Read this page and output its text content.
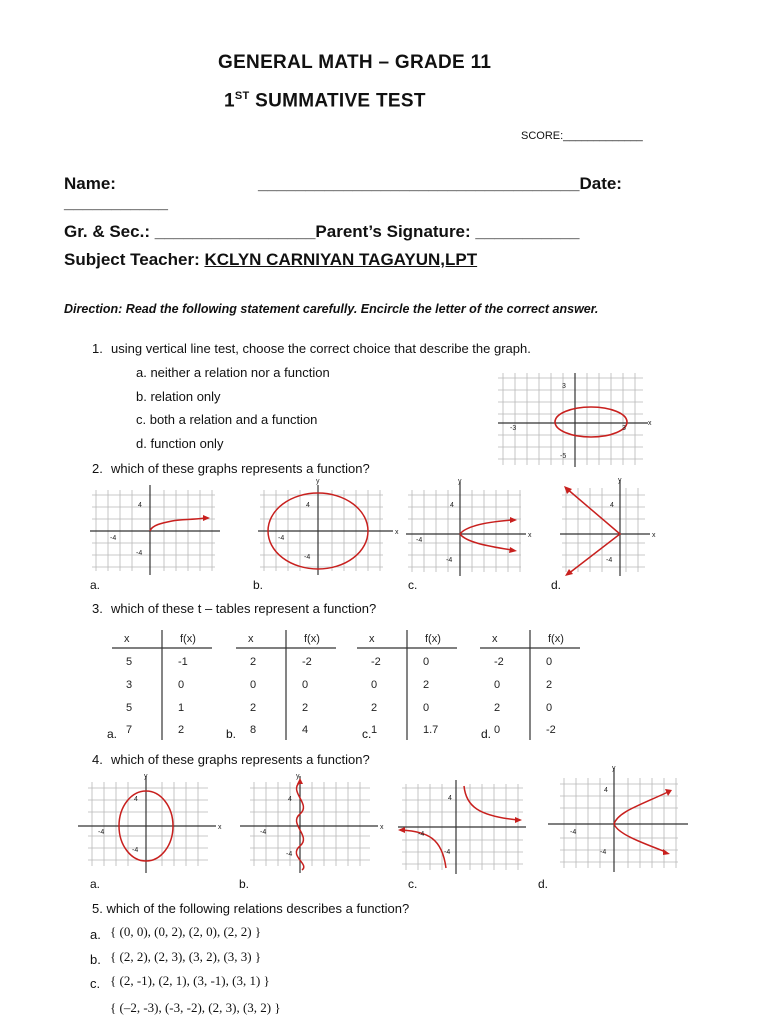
GENERAL MATH – GRADE 11
1ST SUMMATIVE TEST
SCORE:_____________
Name:	__________________________________Date:
___________
Gr. & Sec.: _________________Parent’s Signature: ___________
Subject Teacher: KCLYN CARNIYAN TAGAYUN,LPT
Direction: Read the following statement carefully. Encircle the letter of the correct answer.
1. using vertical line test, choose the correct choice that describe the graph.
a. neither a relation nor a function
b. relation only
c. both a relation and a function
d. function only
x
3
-5
-3	3
2. which of these graphs represents a function?
4
-4
-4
x
y
4
-4
-4	x
y
4
-4
-4
x
y
4
-4
a.	b.	c.	d.
3. which of these t – tables represent a function?
x	f(x)
5	-1
3	0
5	1
7	2
x	f(x)
2	-2
0	0
2	2
8	4
x	f(x)
-2	0
0	2
2	0
1	1.7
x	f(x)
-2	0
0	2
2	0
0	-2
a.	b.	c.	d.
4. which of these graphs represents a function?
x
y
4
-4
-4
x
y
4
-4
-4
4
-4
-4
y
4
-4
-4
a.	b.	c.	d.
5. which of the following relations describes a function?
a. { (0, 0), (0, 2), (2, 0), (2, 2) }
b. { (2, 2), (2, 3), (3, 2), (3, 3) }
c. { (2, -1), (2, 1), (3, -1), (3, 1) }
{ (–2, -3), (-3, -2), (2, 3), (3, 2) }
